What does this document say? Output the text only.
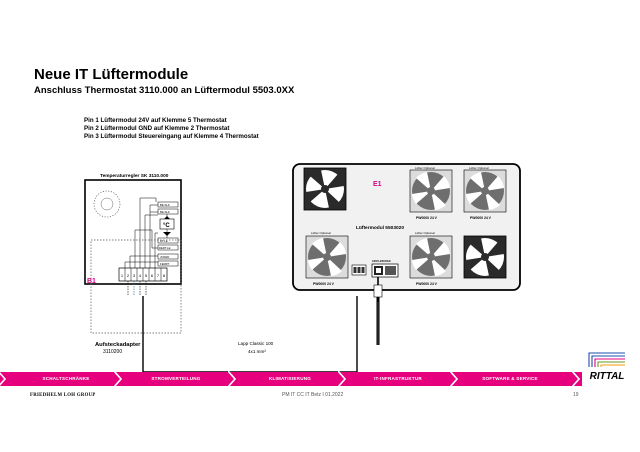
Neue IT Lüftermodule
Anschluss Thermostat 3110.000 an Lüftermodul 5503.0XX
Pin 1 Lüftermodul 24V auf Klemme 5 Thermostat
Pin 2 Lüftermodul GND auf Klemme 2 Thermostat
Pin 3 Lüftermodul Steuereingang auf Klemme 4 Thermostat
Temperaturregler SK 3110.000
BE.SLK
BE.SLK
°C
RT.LE
DERT.LE
JOKEN
FERRT
1 2 3 4 5 6 7 8
B1
Aufsteckadapter
3110200
Lapp Classic 100
4x1 mm²
E1
Lüftermodul 5503020
Lüfter Optional
PW0000 24 V
Lüfter Optional
PW0000 24 V
Lüfter Optional
PW0000 24 V
Lüfter Optional
PW0000 24 V
100V-240VAC
SCHALTSCHRÄNKE	STROMVERTEILUNG	KLIMATISIERUNG	IT-INFRASTRUKTUR	SOFTWARE & SERVICE	RITTAL
FRIEDHELM LOH GROUP	PM IT CC IT Betz I 01.2022	19
